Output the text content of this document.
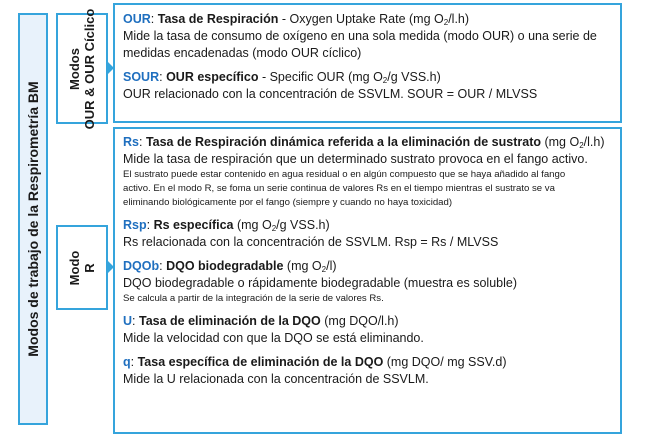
Modos de trabajo de la Respirometría BM
Modos OUR & OUR Cíclico
Modo R
OUR: Tasa de Respiración - Oxygen Uptake Rate (mg $O_2/l.h$)
Mide la tasa de consumo de oxígeno en una sola medida (modo OUR) o una serie de
medidas encadenadas (modo OUR cíclico)
SOUR: OUR específico - Specific OUR (mg $O_2/g$ VSS.h)
OUR relacionado con la concentración de SSVLM. SOUR = OUR / MLVSS
Rs: Tasa de Respiración dinámica referida a la eliminación de sustrato (mg $O_2/l.h$)
Mide la tasa de respiración que un determinado sustrato provoca en el fango activo.
El sustrato puede estar contenido en agua residual o en algún compuesto que se haya añadido al fango
activo. En el modo R, se foma un serie continua de valores Rs en el tiempo mientras el sustrato se va
eliminando biológicamente por el fango (siempre y cuando no haya toxicidad)
Rsp: Rs específica (mg $O_2/g$ VSS.h)
Rs relacionada con la concentración de SSVLM. Rsp = Rs / MLVSS
DQOb: DQO biodegradable (mg $O_2/l$)
DQO biodegradable o rápidamente biodegradable (muestra es soluble)
Se calcula a partir de la integración de la serie de valores Rs.
U: Tasa de eliminación de la DQO (mg DQO/l.h)
Mide la velocidad con que la DQO se está eliminando.
q: Tasa específica de eliminación de la DQO (mg DQO/ mg SSV.d)
Mide la U relacionada con la concentración de SSVLM.
